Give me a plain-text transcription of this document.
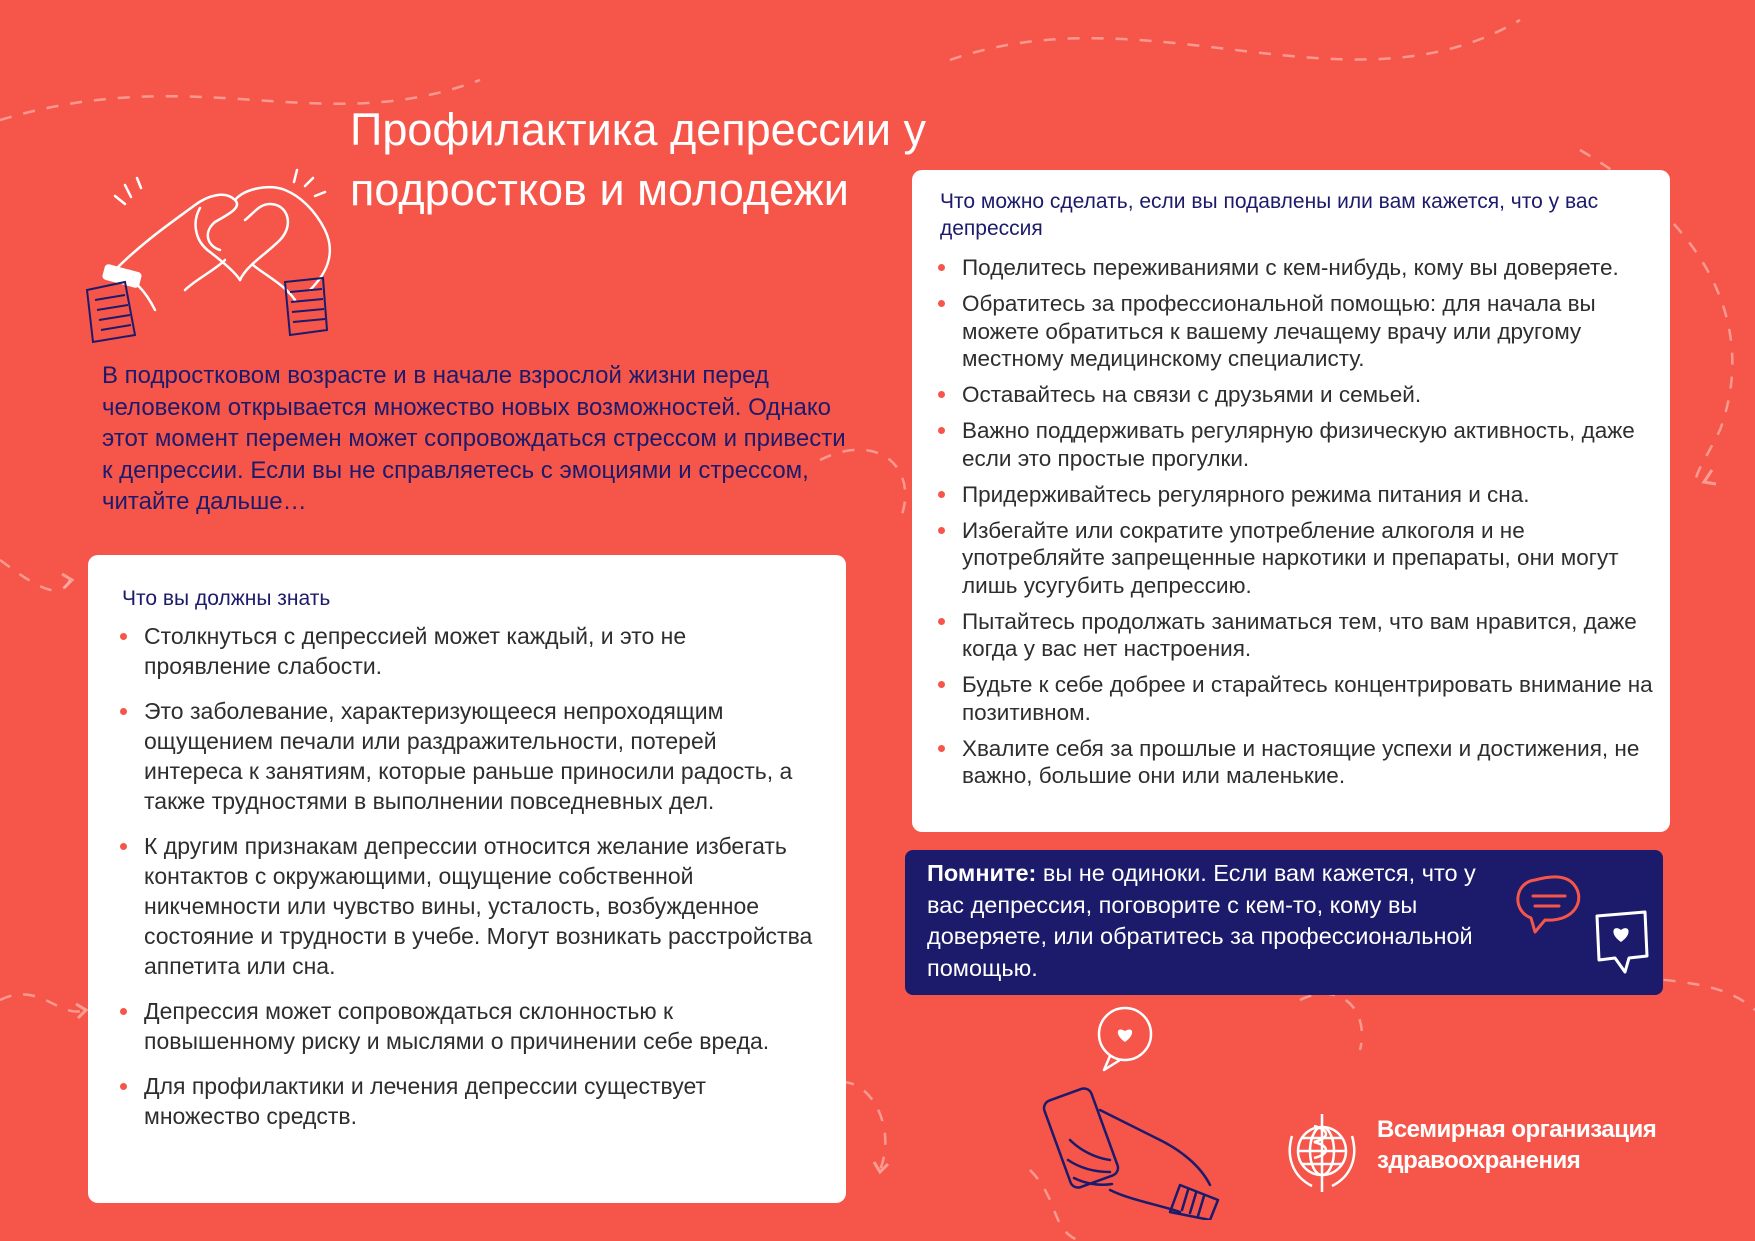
Профилактика депрессии у подростков и молодежи

В подростковом возрасте и в начале взрослой жизни перед человеком открывается множество новых возможностей. Однако этот момент перемен может сопровождаться стрессом и привести к депрессии. Если вы не справляетесь с эмоциями и стрессом, читайте дальше…

Что вы должны знать
Столкнуться с депрессией может каждый, и это не проявление слабости.
Это заболевание, характеризующееся непроходящим ощущением печали или раздражительности, потерей интереса к занятиям, которые раньше приносили радость, а также трудностями в выполнении повседневных дел.
К другим признакам депрессии относится желание избегать контактов с окружающими, ощущение собственной никчемности или чувство вины, усталость, возбужденное состояние и трудности в учебе. Могут возникать расстройства аппетита или сна.
Депрессия может сопровождаться склонностью к повышенному риску и мыслями о причинении себе вреда.
Для профилактики и лечения депрессии существует множество средств.
Что можно сделать, если вы подавлены или вам кажется, что у вас депрессия
Поделитесь переживаниями с кем-нибудь, кому вы доверяете.
Обратитесь за профессиональной помощью: для начала вы можете обратиться к вашему лечащему врачу или другому местному медицинскому специалисту.
Оставайтесь на связи с друзьями и семьей.
Важно поддерживать регулярную физическую активность, даже если это простые прогулки.
Придерживайтесь регулярного режима питания и сна.
Избегайте или сократите употребление алкоголя и не употребляйте запрещенные наркотики и препараты, они могут лишь усугубить депрессию.
Пытайтесь продолжать заниматься тем, что вам нравится, даже когда у вас нет настроения.
Будьте к себе добрее и старайтесь концентрировать внимание на позитивном.
Хвалите себя за прошлые и настоящие успехи и достижения, не важно, большие они или маленькие.

Помните: вы не одиноки. Если вам кажется, что у вас депрессия, поговорите с кем-то, кому вы доверяете, или обратитесь за профессиональной помощью.

Всемирная организация
здравоохранения
